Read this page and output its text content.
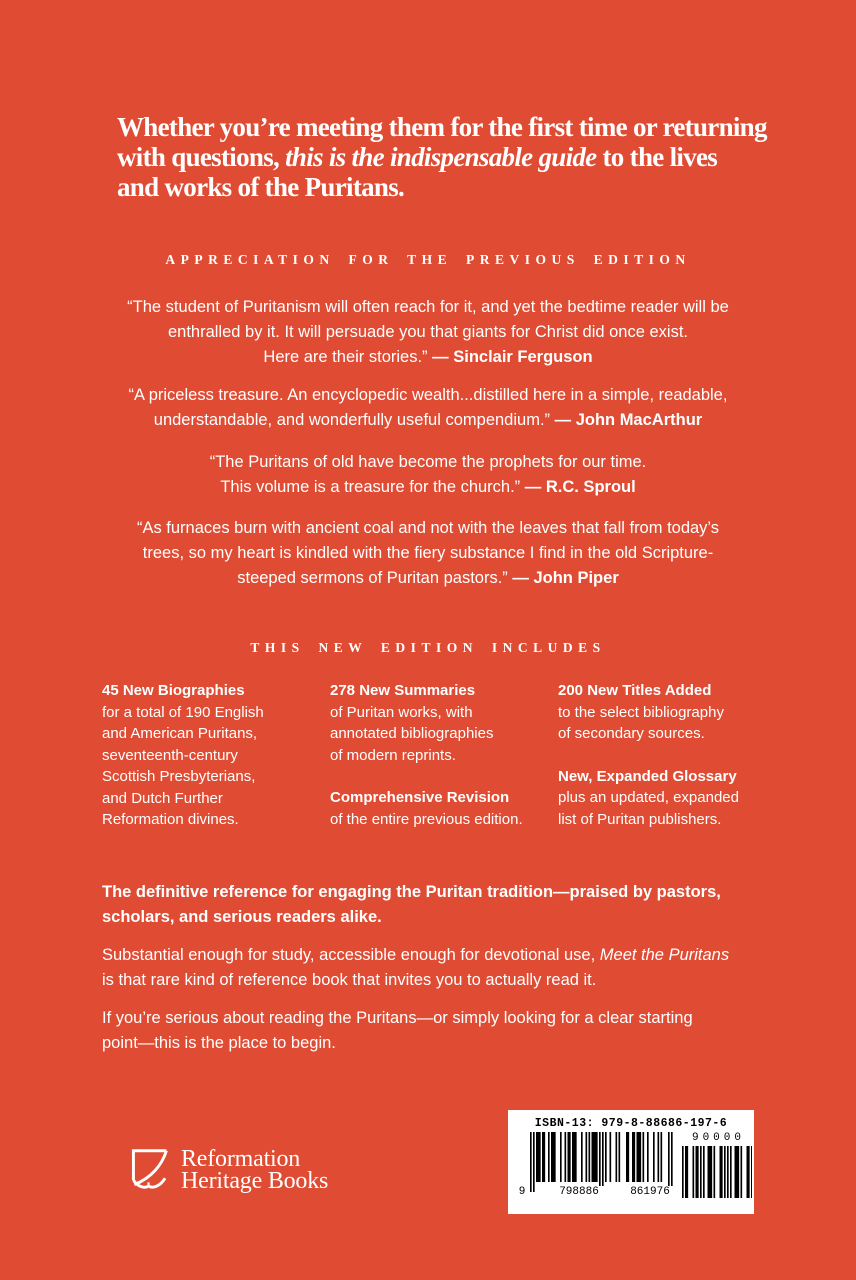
Whether you’re meeting them for the first time or returning
with questions, this is the indispensable guide to the lives
and works of the Puritans.
APPRECIATION FOR THE PREVIOUS EDITION
“The student of Puritanism will often reach for it, and yet the bedtime reader will be
enthralled by it. It will persuade you that giants for Christ did once exist.
Here are their stories.” — Sinclair Ferguson
“A priceless treasure. An encyclopedic wealth...distilled here in a simple, readable,
understandable, and wonderfully useful compendium.” — John MacArthur
“The Puritans of old have become the prophets for our time.
This volume is a treasure for the church.” — R.C. Sproul
“As furnaces burn with ancient coal and not with the leaves that fall from today’s
trees, so my heart is kindled with the fiery substance I find in the old Scripture-
steeped sermons of Puritan pastors.” — John Piper
THIS NEW EDITION INCLUDES
45 New Biographies
for a total of 190 English
and American Puritans,
seventeenth-century
Scottish Presbyterians,
and Dutch Further
Reformation divines.
278 New Summaries
of Puritan works, with
annotated bibliographies
of modern reprints.
Comprehensive Revision
of the entire previous edition.
200 New Titles Added
to the select bibliography
of secondary sources.
New, Expanded Glossary
plus an updated, expanded
list of Puritan publishers.
The definitive reference for engaging the Puritan tradition—praised by pastors,
scholars, and serious readers alike.
Substantial enough for study, accessible enough for devotional use, Meet the Puritans
is that rare kind of reference book that invites you to actually read it.
If you’re serious about reading the Puritans—or simply looking for a clear starting
point—this is the place to begin.
Reformation
Heritage Books
ISBN-13: 979-8-88686-197-6
9	798886	861976
90000
